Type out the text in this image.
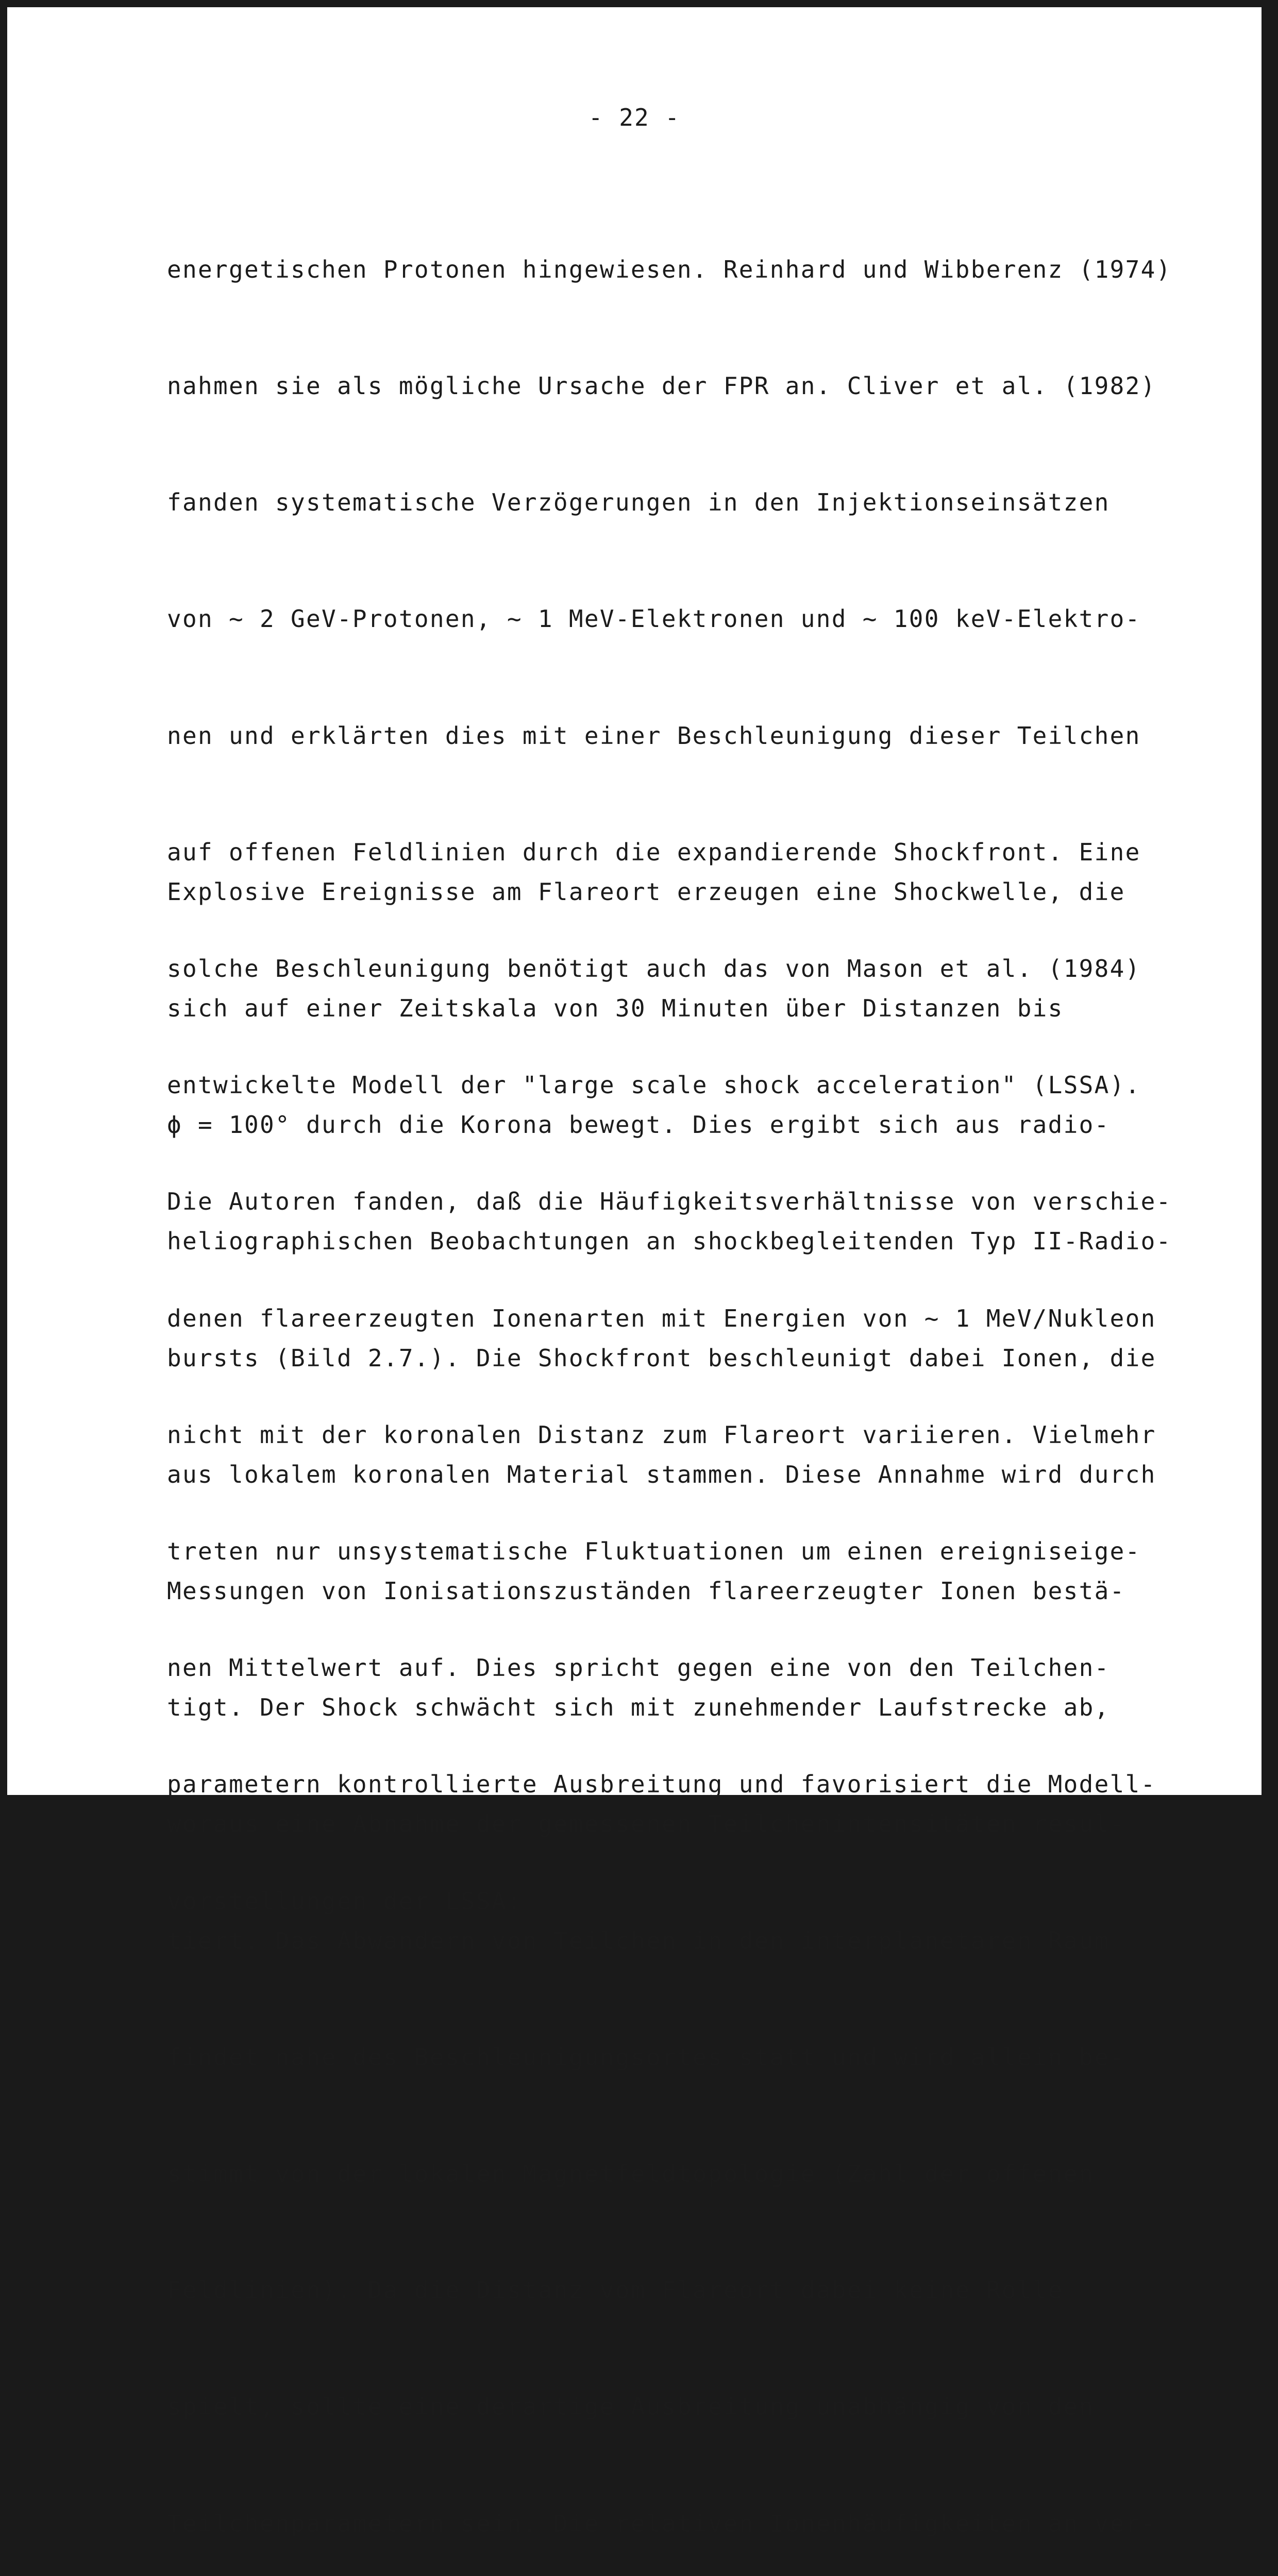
- 22 -

energetischen Protonen hingewiesen. Reinhard und Wibberenz (1974)

nahmen sie als mögliche Ursache der FPR an. Cliver et al. (1982)

fanden systematische Verzögerungen in den Injektionseinsätzen

von ~ 2 GeV-Protonen, ~ 1 MeV-Elektronen und ~ 100 keV-Elektro-

nen und erklärten dies mit einer Beschleunigung dieser Teilchen

auf offenen Feldlinien durch die expandierende Shockfront. Eine

solche Beschleunigung benötigt auch das von Mason et al. (1984)

entwickelte Modell der "large scale shock acceleration" (LSSA).

Die Autoren fanden, daß die Häufigkeitsverhältnisse von verschie-

denen flareerzeugten Ionenarten mit Energien von ~ 1 MeV/Nukleon

nicht mit der koronalen Distanz zum Flareort variieren. Vielmehr

treten nur unsystematische Fluktuationen um einen ereigniseige-

nen Mittelwert auf. Dies spricht gegen eine von den Teilchen-

parametern kontrollierte Ausbreitung und favorisiert die Modell-

vorstellungen der LSSA:

Explosive Ereignisse am Flareort erzeugen eine Shockwelle, die

sich auf einer Zeitskala von 30 Minuten über Distanzen bis

ϕ = 100° durch die Korona bewegt. Dies ergibt sich aus radio-

heliographischen Beobachtungen an shockbegleitenden Typ II-Radio-

bursts (Bild 2.7.). Die Shockfront beschleunigt dabei Ionen, die

aus lokalem koronalen Material stammen. Diese Annahme wird durch

Messungen von Ionisationszuständen flareerzeugter Ionen bestä-

tigt. Der Shock schwächt sich mit zunehmender Laufstrecke ab,

woraus eine Abnahme der gemessenen Teilchenintensitäten resul-

tiert. Das Abwandern von Teilchen in den interplanetaren Raum

findet nahe des Beschleunigungsortes statt und wird allein be-

stimmt von der lokalen Magnetfeldtopologie (Zahl der offenen

Feldlinien). Da die Distanz vom Flareort dabei keine Rolle

spielt, sollte eine derartige Ausbreitung unabhängig von den

Teilchenparametern sein. Die relativen Ionenhäufigkeiten an ver-
